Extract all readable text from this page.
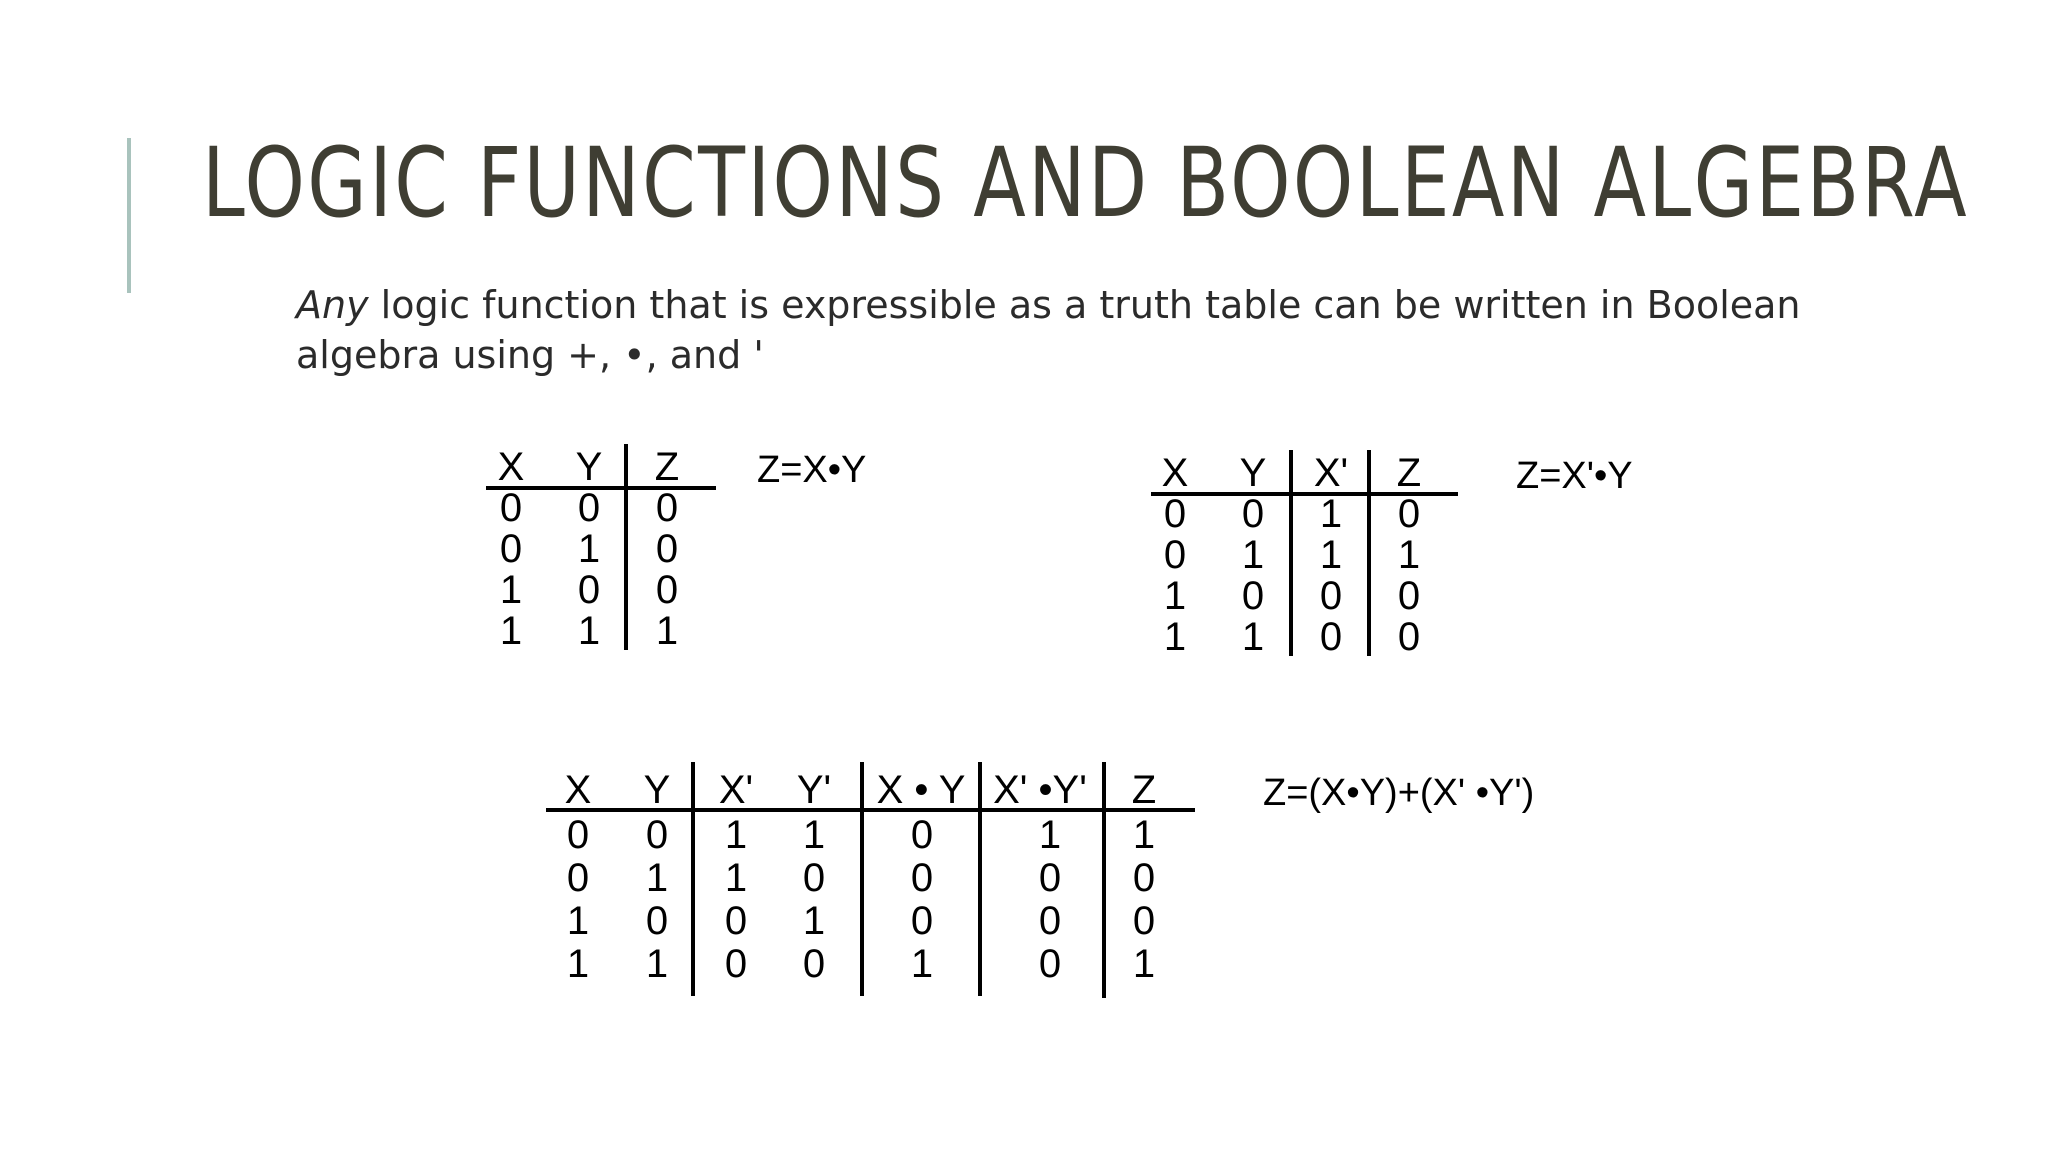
LOGIC FUNCTIONS AND BOOLEAN ALGEBRA

Any logic function that is expressible as a truth table can be written in Boolean algebra using +, •, and '

X Y Z
0 0 0
0 1 0
1 0 0
1 1 1
Z=X•Y	X Y X' Z
0 0 1 0
0 1 1 1
1 0 0 0
1 1 0 0
Z=X'•Y
X Y X' Y' X • Y X' •Y' Z
0 0 1 1 0	1 1
0 1 1 0 0	0 0
1 0 0 1 0	0 0
1 1 0 0 1	0 1
Z=(X•Y)+(X' •Y')
